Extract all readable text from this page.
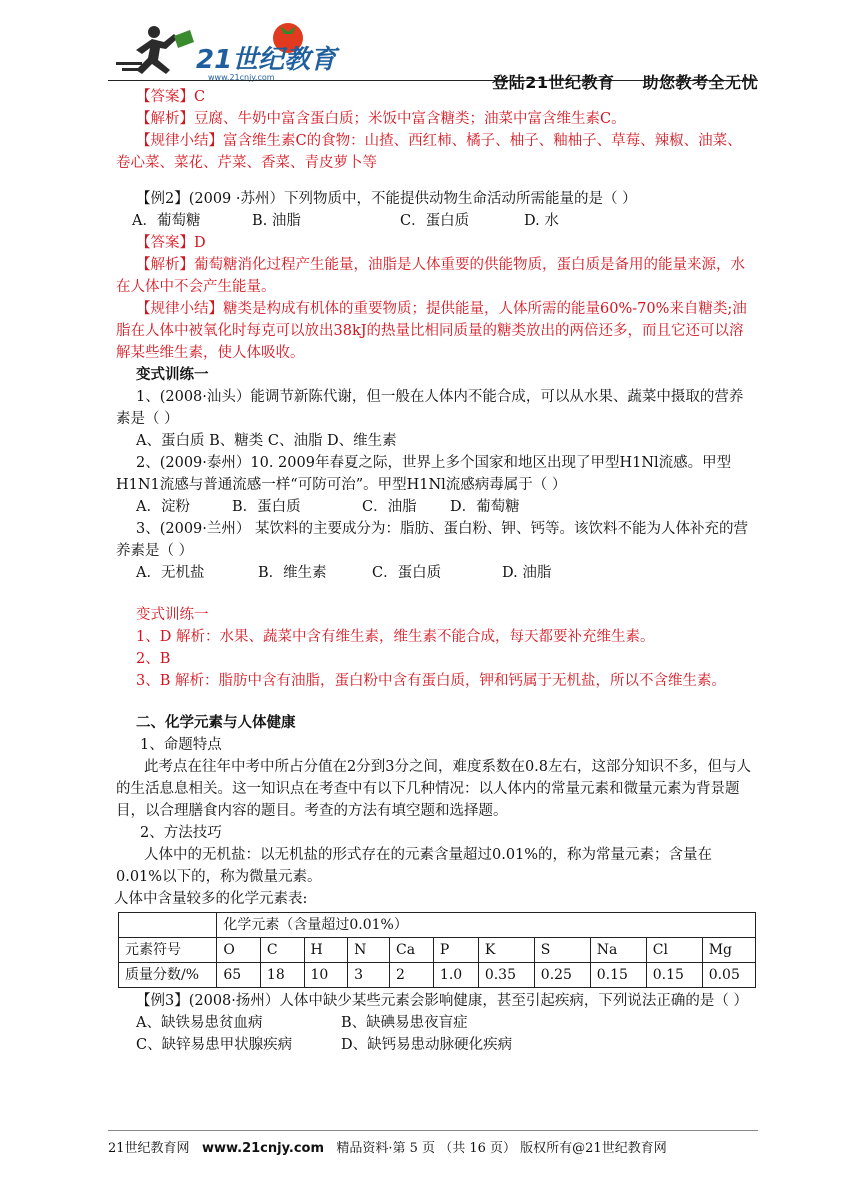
21世纪教育
www.21cnjy.com	登陆21世纪教育 助您教考全无忧
【答案】C
【解析】豆腐、牛奶中富含蛋白质；米饭中富含糖类；油菜中富含维生素C。
【规律小结】富含维生素C的食物：山揸、西红柿、橘子、柚子、釉柚子、草莓、辣椒、油菜、卷心菜、菜花、芹菜、香菜、青皮萝卜等
【例2】(2009 ·苏州）下列物质中，不能提供动物生命活动所需能量的是（ ）
A．葡萄糖	B. 油脂	C．蛋白质	D. 水
【答案】D
【解析】葡萄糖消化过程产生能量，油脂是人体重要的供能物质，蛋白质是备用的能量来源，水在人体中不会产生能量。
【规律小结】糖类是构成有机体的重要物质；提供能量，人体所需的能量60%-70%来自糖类;油脂在人体中被氧化时每克可以放出38kJ的热量比相同质量的糖类放出的两倍还多，而且它还可以溶解某些维生素，使人体吸收。
变式训练一
1、(2008·汕头）能调节新陈代谢，但一般在人体内不能合成，可以从水果、蔬菜中摄取的营养素是（ ）
A、蛋白质 B、糖类 C、油脂 D、维生素
2、(2009·泰州）10. 2009年春夏之际，世界上多个国家和地区出现了甲型H1Nl流感。甲型H1N1流感与普通流感一样“可防可治”。甲型H1Nl流感病毒属于（ ）
A．淀粉	B．蛋白质	C．油脂 D．葡萄糖
3、(2009·兰州） 某饮料的主要成分为：脂肪、蛋白粉、钾、钙等。该饮料不能为人体补充的营养素是（ ）
A．无机盐	B．维生素	C．蛋白质	D. 油脂
变式训练一
1、D 解析：水果、蔬菜中含有维生素，维生素不能合成，每天都要补充维生素。
2、B
3、B 解析：脂肪中含有油脂，蛋白粉中含有蛋白质，钾和钙属于无机盐，所以不含维生素。
二、化学元素与人体健康
1、命题特点
此考点在往年中考中所占分值在2分到3分之间，难度系数在0.8左右，这部分知识不多，但与人的生活息息相关。这一知识点在考查中有以下几种情况：以人体内的常量元素和微量元素为背景题目，以合理膳食内容的题目。考查的方法有填空题和选择题。
2、方法技巧
人体中的无机盐：以无机盐的形式存在的元素含量超过0.01%的，称为常量元素；含量在0.01%以下的，称为微量元素。
人体中含量较多的化学元素表:
	化学元素（含量超过0.01%）										
元素符号	O	C	H	N	Ca	P	K	S	Na	Cl	Mg
质量分数/%	65	18	10	3	2	1.0	0.35	0.25	0.15	0.15	0.05
【例3】(2008·扬州）人体中缺少某些元素会影响健康，甚至引起疾病，下列说法正确的是（ ）
A、缺铁易患贫血病	B、缺碘易患夜盲症
C、缺锌易患甲状腺疾病	D、缺钙易患动脉硬化疾病
21世纪教育网 www.21cnjy.com 精品资料·第 5 页 （共 16 页） 版权所有@21世纪教育网
